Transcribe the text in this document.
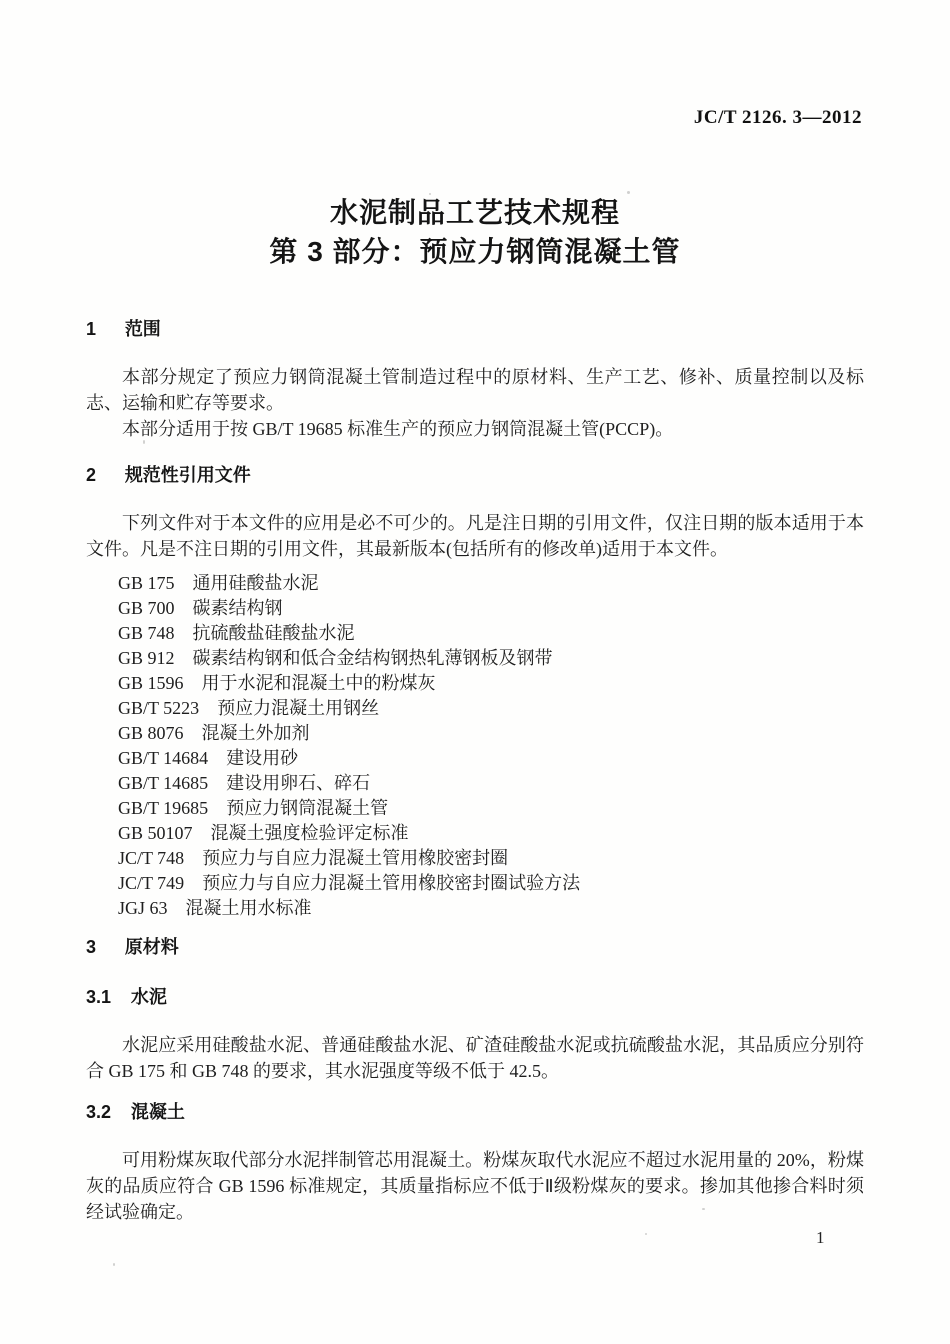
JC/T 2126. 3—2012
水泥制品工艺技术规程
第 3 部分：预应力钢筒混凝土管
1 范围

本部分规定了预应力钢筒混凝土管制造过程中的原材料、生产工艺、修补、质量控制以及标志、运输和贮存等要求。

本部分适用于按 GB/T 19685 标准生产的预应力钢筒混凝土管(PCCP)。

2 规范性引用文件

下列文件对于本文件的应用是必不可少的。凡是注日期的引用文件，仅注日期的版本适用于本文件。凡是不注日期的引用文件，其最新版本(包括所有的修改单)适用于本文件。

GB 175 通用硅酸盐水泥
GB 700 碳素结构钢
GB 748 抗硫酸盐硅酸盐水泥
GB 912 碳素结构钢和低合金结构钢热轧薄钢板及钢带
GB 1596 用于水泥和混凝土中的粉煤灰
GB/T 5223 预应力混凝土用钢丝
GB 8076 混凝土外加剂
GB/T 14684 建设用砂
GB/T 14685 建设用卵石、碎石
GB/T 19685 预应力钢筒混凝土管
GB 50107 混凝土强度检验评定标准
JC/T 748 预应力与自应力混凝土管用橡胶密封圈
JC/T 749 预应力与自应力混凝土管用橡胶密封圈试验方法
JGJ 63 混凝土用水标准
3 原材料
3.1 水泥

水泥应采用硅酸盐水泥、普通硅酸盐水泥、矿渣硅酸盐水泥或抗硫酸盐水泥，其品质应分别符合 GB 175 和 GB 748 的要求，其水泥强度等级不低于 42.5。

3.2 混凝土

可用粉煤灰取代部分水泥拌制管芯用混凝土。粉煤灰取代水泥应不超过水泥用量的 20%，粉煤灰的品质应符合 GB 1596 标准规定，其质量指标应不低于Ⅱ级粉煤灰的要求。掺加其他掺合料时须经试验确定。

1
